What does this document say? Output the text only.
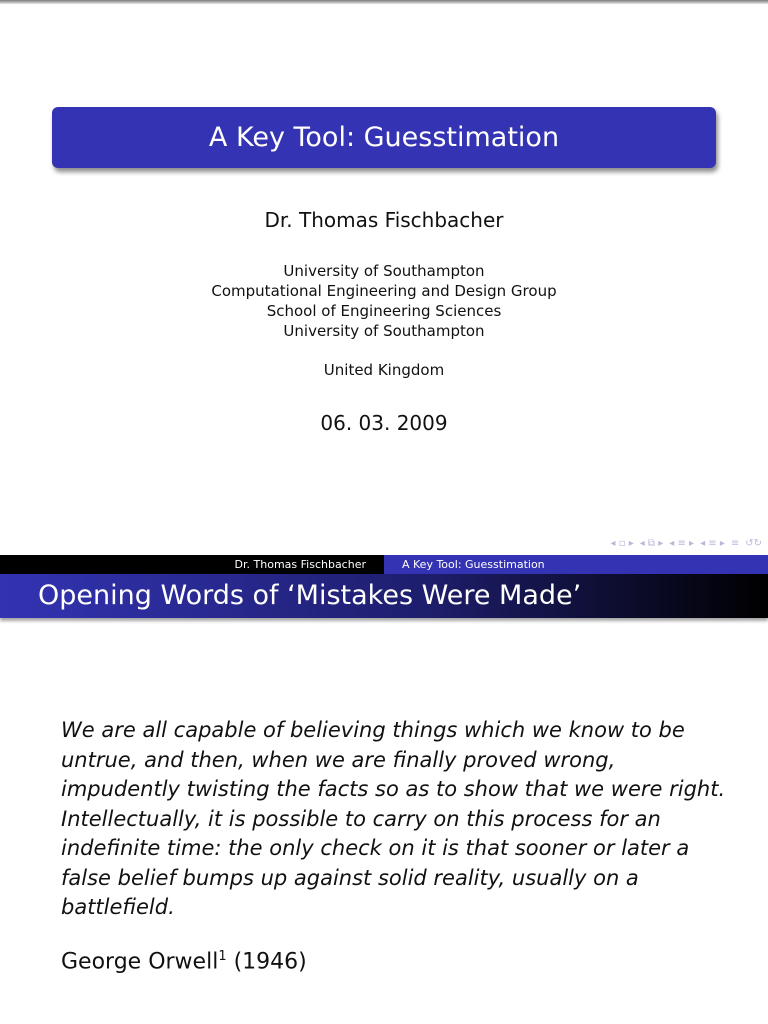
A Key Tool: Guesstimation
Dr. Thomas Fischbacher
University of Southampton
Computational Engineering and Design Group
School of Engineering Sciences
University of Southampton
United Kingdom
06. 03. 2009
◂ ▫ ▸ ◂ ⧉ ▸ ◂ ≡ ▸ ◂ ≡ ▸ ≡ ↺↻
Dr. Thomas Fischbacher	A Key Tool: Guesstimation
Opening Words of ‘Mistakes Were Made’
We are all capable of believing things which we know to be
untrue, and then, when we are finally proved wrong,
impudently twisting the facts so as to show that we were right.
Intellectually, it is possible to carry on this process for an
indefinite time: the only check on it is that sooner or later a
false belief bumps up against solid reality, usually on a
battlefield.
George Orwell$^1$ (1946)
